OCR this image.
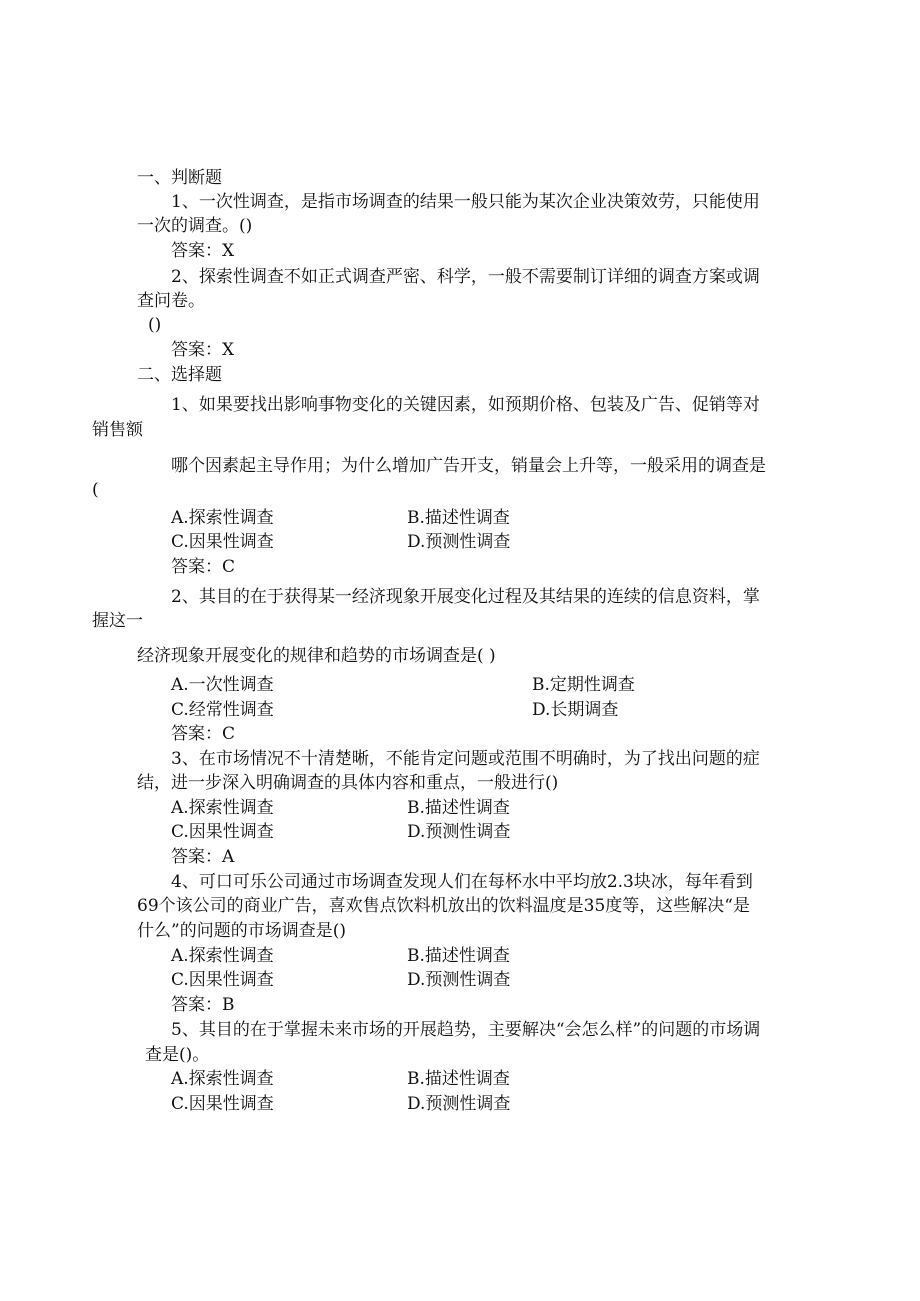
一、判断题
1、一次性调查，是指市场调查的结果一般只能为某次企业决策效劳，只能使用
一次的调查。()
答案：X
2、探索性调查不如正式调查严密、科学，一般不需要制订详细的调查方案或调
查问卷。
()
答案：X
二、选择题
1、如果要找出影响事物变化的关键因素，如预期价格、包装及广告、促销等对
销售额
哪个因素起主导作用；为什么增加广告开支，销量会上升等，一般采用的调查是
(
A.探索性调查	B.描述性调查
C.因果性调查	D.预测性调查
答案：C
2、其目的在于获得某一经济现象开展变化过程及其结果的连续的信息资料，掌
握这一
经济现象开展变化的规律和趋势的市场调查是( )
A.一次性调查	B.定期性调查
C.经常性调查	D.长期调查
答案：C
3、在市场情况不十清楚晰，不能肯定问题或范围不明确时，为了找出问题的症
结，进一步深入明确调查的具体内容和重点，一般进行()
A.探索性调查	B.描述性调查
C.因果性调查	D.预测性调查
答案：A
4、可口可乐公司通过市场调查发现人们在每杯水中平均放2.3块冰，每年看到
69个该公司的商业广告，喜欢售点饮料机放出的饮料温度是35度等，这些解决“是
什么”的问题的市场调查是()
A.探索性调查	B.描述性调查
C.因果性调查	D.预测性调查
答案：B
5、其目的在于掌握未来市场的开展趋势，主要解决“会怎么样”的问题的市场调
查是()。
A.探索性调查	B.描述性调查
C.因果性调查	D.预测性调查
